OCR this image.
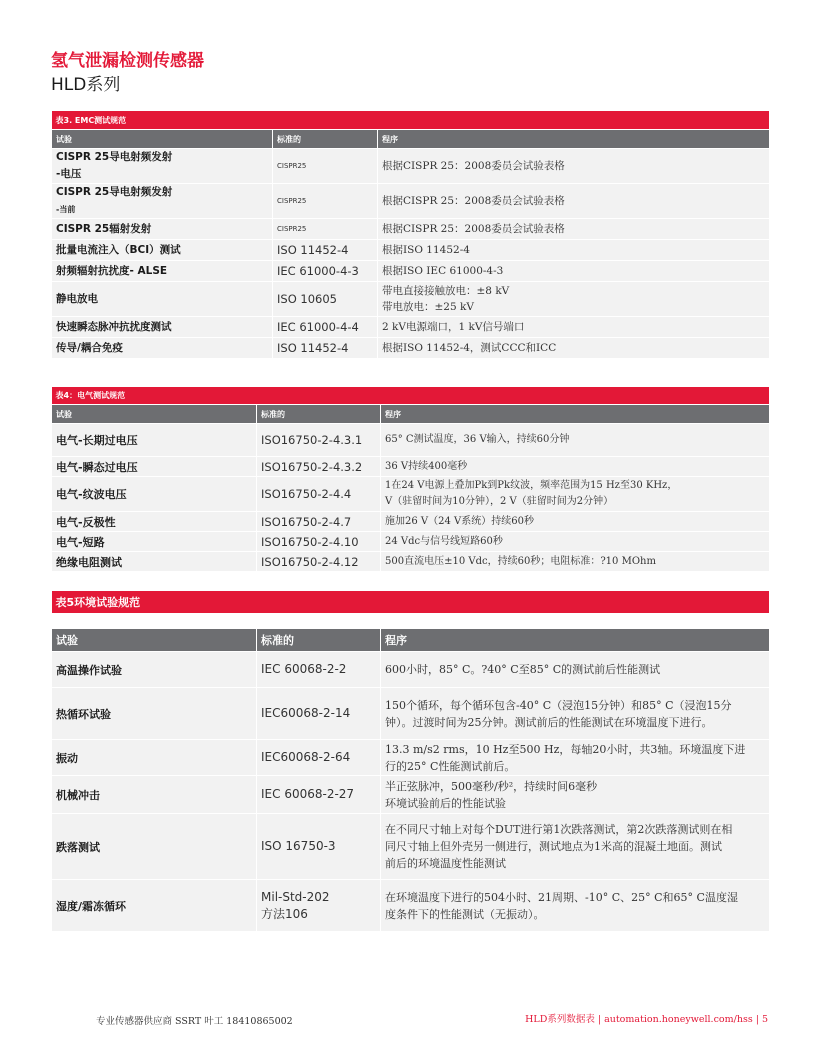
氢气泄漏检测传感器
HLD系列
表3. EMC测试规范		
试验	标准的	程序

CISPR 25导电射频发射
-电压	CISPR25	根据CISPR 25：2008委员会试验表格

CISPR 25导电射频发射
-当前	CISPR25	根据CISPR 25：2008委员会试验表格
CISPR 25辐射发射	CISPR25	根据CISPR 25：2008委员会试验表格
批量电流注入（BCI）测试	ISO 11452-4	根据ISO 11452-4
射频辐射抗扰度- ALSE	IEC 61000-4-3	根据ISO IEC 61000-4-3
静电放电	ISO 10605	带电直接接触放电：±8 kV
带电放电：±25 kV

快速瞬态脉冲抗扰度测试	IEC 61000-4-4	2 kV电源端口，1 kV信号端口
传导/耦合免疫	ISO 11452-4	根据ISO 11452-4，测试CCC和ICC
表4：电气测试规范		
试验	标准的	程序
电气-长期过电压	ISO16750-2-4.3.1	65° C测试温度，36 V输入，持续60分钟
电气-瞬态过电压	ISO16750-2-4.3.2	36 V持续400毫秒
电气-纹波电压	ISO16750-2-4.4	1在24 V电源上叠加Pk到Pk纹波，频率范围为15 Hz至30 KHz，
V（驻留时间为10分钟），2 V（驻留时间为2分钟）

电气-反极性	ISO16750-2-4.7	施加26 V（24 V系统）持续60秒
电气-短路	ISO16750-2-4.10	24 Vdc与信号线短路60秒
绝缘电阻测试	ISO16750-2-4.12	500直流电压±10 Vdc，持续60秒；电阻标准：?10 MOhm
表5环境试验规范		

试验	标准的	程序
高温操作试验	IEC 60068-2-2	600小时，85° C。?40° C至85° C的测试前后性能测试
热循环试验	IEC60068-2-14	150个循环，每个循环包含-40° C（浸泡15分钟）和85° C（浸泡15分
钟）。过渡时间为25分钟。测试前后的性能测试在环境温度下进行。

振动	IEC60068-2-64	13.3 m/s2 rms，10 Hz至500 Hz，每轴20小时，共3轴。环境温度下进
行的25° C性能测试前后。

机械冲击	IEC 60068-2-27	半正弦脉冲，500毫秒/秒²，持续时间6毫秒
环境试验前后的性能试验

跌落测试	ISO 16750-3	在不同尺寸轴上对每个DUT进行第1次跌落测试，第2次跌落测试则在相
同尺寸轴上但外壳另一侧进行，测试地点为1米高的混凝土地面。测试
前后的环境温度性能测试

湿度/霜冻循环	Mil-Std-202
方法106	在环境温度下进行的504小时、21周期、-10° C、25° C和65° C温度湿
度条件下的性能测试（无振动）。
专业传感器供应商 SSRT 叶工 18410865002	HLD系列数据表 | automation.honeywell.com/hss | 5
